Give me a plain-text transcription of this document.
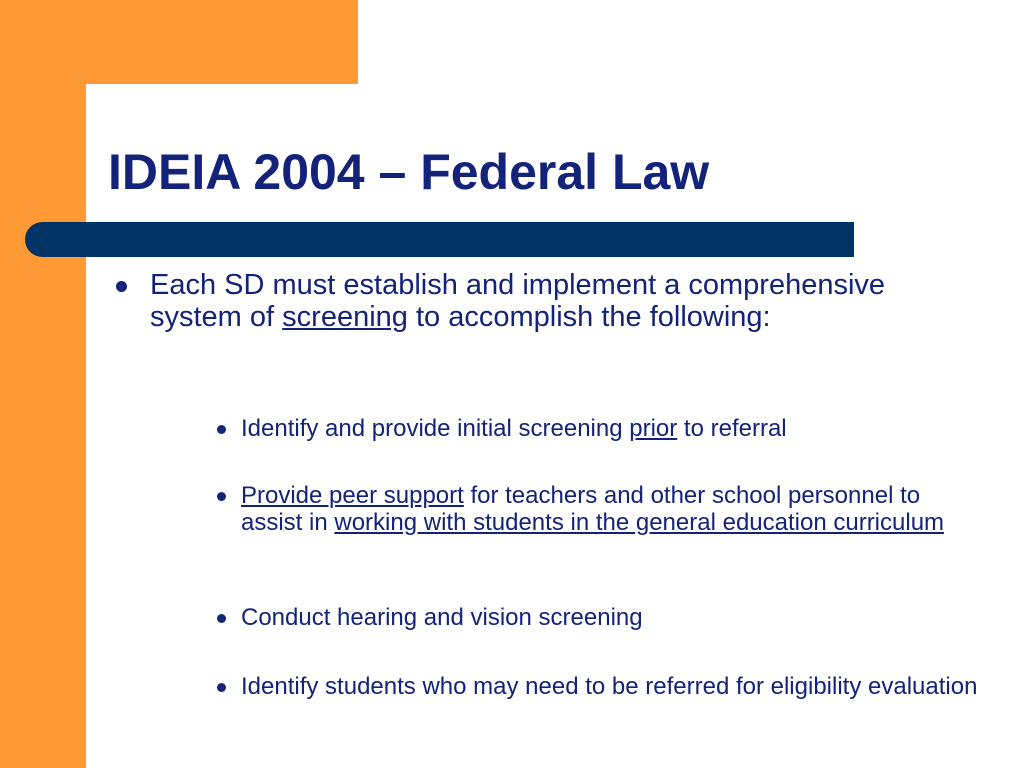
IDEIA 2004 – Federal Law
Each SD must establish and implement a comprehensive system of screening to accomplish the following:
Identify and provide initial screening prior to referral
Provide peer support for teachers and other school personnel to assist in working with students in the general education curriculum
Conduct hearing and vision screening
Identify students who may need to be referred for eligibility evaluation
